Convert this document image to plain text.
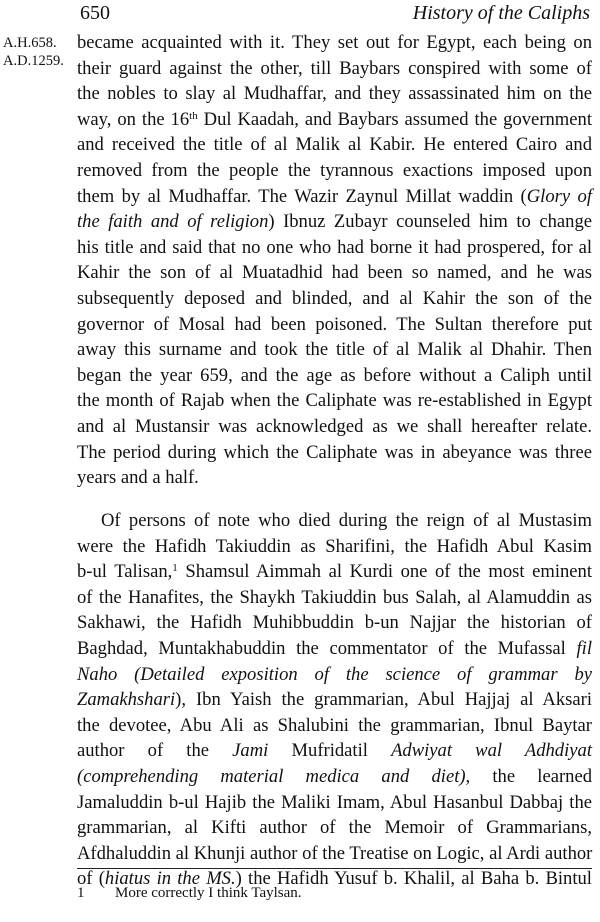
650	History of the Caliphs
A.H.658.
A.D.1259.

became acquainted with it. They set out for Egypt, each being on
their guard against the other, till Baybars conspired with some of
the nobles to slay al Mudhaffar, and they assassinated him on the
way, on the 16th Dul Kaadah, and Baybars assumed the government
and received the title of al Malik al Kabir. He entered Cairo and
removed from the people the tyrannous exactions imposed upon
them by al Mudhaffar. The Wazir Zaynul Millat waddin (Glory of
the faith and of religion) Ibnuz Zubayr counseled him to change
his title and said that no one who had borne it had prospered, for al
Kahir the son of al Muatadhid had been so named, and he was
subsequently deposed and blinded, and al Kahir the son of the
governor of Mosal had been poisoned. The Sultan therefore put
away this surname and took the title of al Malik al Dhahir. Then
began the year 659, and the age as before without a Caliph until
the month of Rajab when the Caliphate was re-established in Egypt
and al Mustansir was acknowledged as we shall hereafter relate.
The period during which the Caliphate was in abeyance was three
years and a half.

Of persons of note who died during the reign of al Mustasim

were the Hafidh Takiuddin as Sharifini, the Hafidh Abul Kasim
b-ul Talisan,$^1$ Shamsul Aimmah al Kurdi one of the most eminent
of the Hanafites, the Shaykh Takiuddin bus Salah, al Alamuddin as
Sakhawi, the Hafidh Muhibbuddin b-un Najjar the historian of
Baghdad, Muntakhabuddin the commentator of the Mufassal fil
Naho (Detailed exposition of the science of grammar by
Zamakhshari), Ibn Yaish the grammarian, Abul Hajjaj al Aksari
the devotee, Abu Ali as Shalubini the grammarian, Ibnul Baytar
author of the Jami Mufridatil Adwiyat wal Adhdiyat
(comprehending material medica and diet), the learned
Jamaluddin b-ul Hajib the Maliki Imam, Abul Hasanbul Dabbaj the
grammarian, al Kifti author of the Memoir of Grammarians,
Afdhaluddin al Khunji author of the Treatise on Logic, al Ardi author
of (hiatus in the MS.) the Hafidh Yusuf b. Khalil, al Baha b. Bintul
1 More correctly I think Taylsan.
